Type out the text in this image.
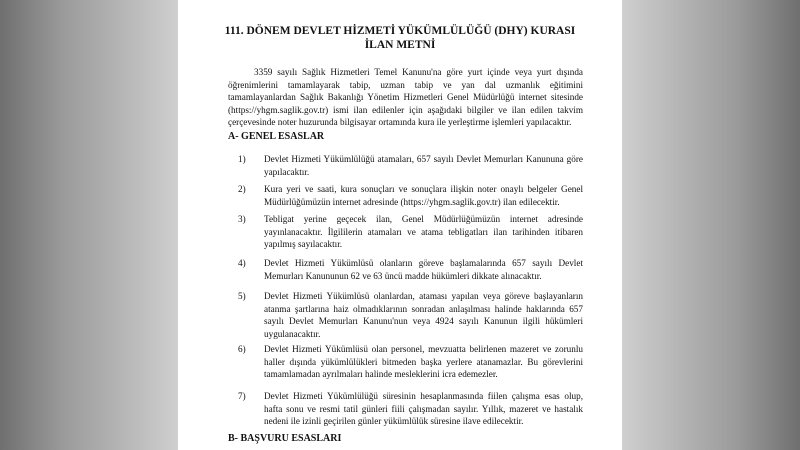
111. DÖNEM DEVLET HİZMETİ YÜKÜMLÜLÜĞÜ (DHY) KURASI
İLAN METNİ
3359 sayılı Sağlık Hizmetleri Temel Kanunu'na göre yurt içinde veya yurt dışında öğrenimlerini tamamlayarak tabip, uzman tabip ve yan dal uzmanlık eğitimini tamamlayanlardan Sağlık Bakanlığı Yönetim Hizmetleri Genel Müdürlüğü internet sitesinde (https://yhgm.saglik.gov.tr) ismi ilan edilenler için aşağıdaki bilgiler ve ilan edilen takvim çerçevesinde noter huzurunda bilgisayar ortamında kura ile yerleştirme işlemleri yapılacaktır.
A- GENEL ESASLAR
1)	Devlet Hizmeti Yükümlülüğü atamaları, 657 sayılı Devlet Memurları Kanununa göre yapılacaktır.
2)	Kura yeri ve saati, kura sonuçları ve sonuçlara ilişkin noter onaylı belgeler Genel Müdürlüğümüzün internet adresinde (https://yhgm.saglik.gov.tr) ilan edilecektir.
3)	Tebligat yerine geçecek ilan, Genel Müdürlüğümüzün internet adresinde yayınlanacaktır. İlgililerin atamaları ve atama tebligatları ilan tarihinden itibaren yapılmış sayılacaktır.
4)	Devlet Hizmeti Yükümlüsü olanların göreve başlamalarında 657 sayılı Devlet Memurları Kanununun 62 ve 63 üncü madde hükümleri dikkate alınacaktır.
5)	Devlet Hizmeti Yükümlüsü olanlardan, ataması yapılan veya göreve başlayanların atanma şartlarına haiz olmadıklarının sonradan anlaşılması halinde haklarında 657 sayılı Devlet Memurları Kanunu'nun veya 4924 sayılı Kanunun ilgili hükümleri uygulanacaktır.
6)	Devlet Hizmeti Yükümlüsü olan personel, mevzuatta belirlenen mazeret ve zorunlu haller dışında yükümlülükleri bitmeden başka yerlere atanamazlar. Bu görevlerini tamamlamadan ayrılmaları halinde mesleklerini icra edemezler.
7)	Devlet Hizmeti Yükümlülüğü süresinin hesaplanmasında fiilen çalışma esas olup, hafta sonu ve resmi tatil günleri fiili çalışmadan sayılır. Yıllık, mazeret ve hastalık nedeni ile izinli geçirilen günler yükümlülük süresine ilave edilecektir.
B- BAŞVURU ESASLARI
